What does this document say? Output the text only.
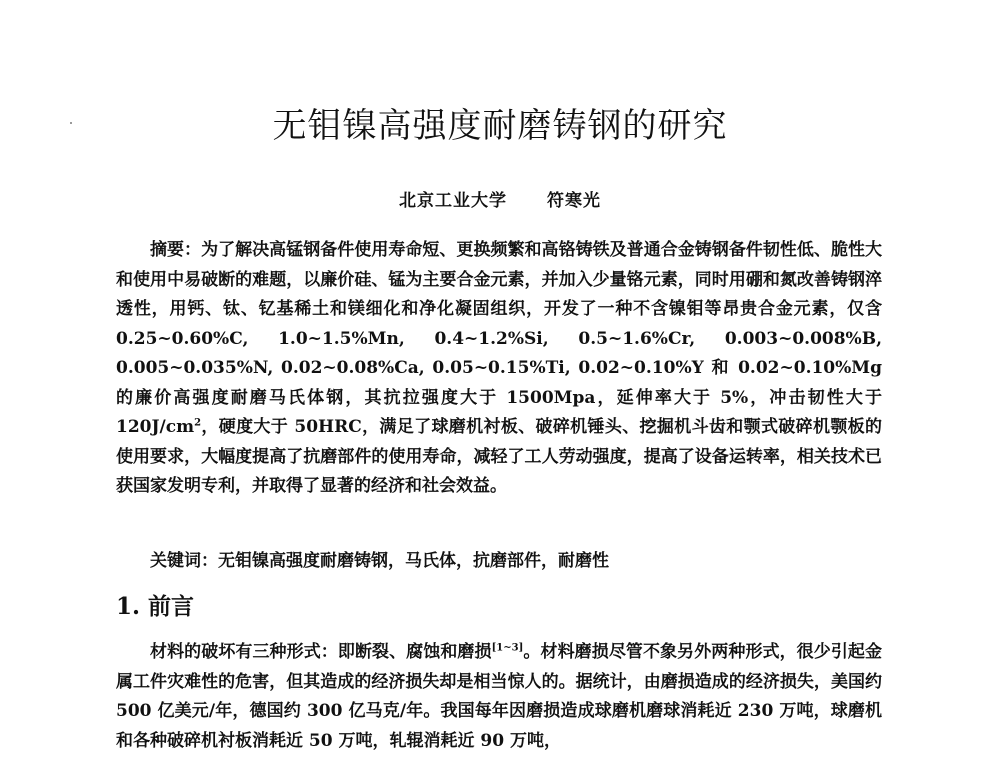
无钼镍高强度耐磨铸钢的研究
北京工业大学 符寒光

摘要：为了解决高锰钢备件使用寿命短、更换频繁和高铬铸铁及普通合金铸钢备件韧性低、脆性大和使用中易破断的难题，以廉价硅、锰为主要合金元素，并加入少量铬元素，同时用硼和氮改善铸钢淬透性，用钙、钛、钇基稀土和镁细化和净化凝固组织，开发了一种不含镍钼等昂贵合金元素，仅含 0.25~0.60%C, 1.0~1.5%Mn, 0.4~1.2%Si, 0.5~1.6%Cr, 0.003~0.008%B, 0.005~0.035%N, 0.02~0.08%Ca, 0.05~0.15%Ti, 0.02~0.10%Y 和 0.02~0.10%Mg 的廉价高强度耐磨马氏体钢，其抗拉强度大于 1500Mpa，延伸率大于 5%，冲击韧性大于 $120J/cm^2$，硬度大于 50HRC，满足了球磨机衬板、破碎机锤头、挖掘机斗齿和颚式破碎机颚板的使用要求，大幅度提高了抗磨部件的使用寿命，减轻了工人劳动强度，提高了设备运转率，相关技术已获国家发明专利，并取得了显著的经济和社会效益。

关键词：无钼镍高强度耐磨铸钢，马氏体，抗磨部件，耐磨性
1. 前言

材料的破坏有三种形式：即断裂、腐蚀和磨损[1~3]。材料磨损尽管不象另外两种形式，很少引起金属工件灾难性的危害，但其造成的经济损失却是相当惊人的。据统计，由磨损造成的经济损失，美国约 500 亿美元/年，德国约 300 亿马克/年。我国每年因磨损造成球磨机磨球消耗近 230 万吨，球磨机和各种破碎机衬板消耗近 50 万吨，轧辊消耗近 90 万吨，
